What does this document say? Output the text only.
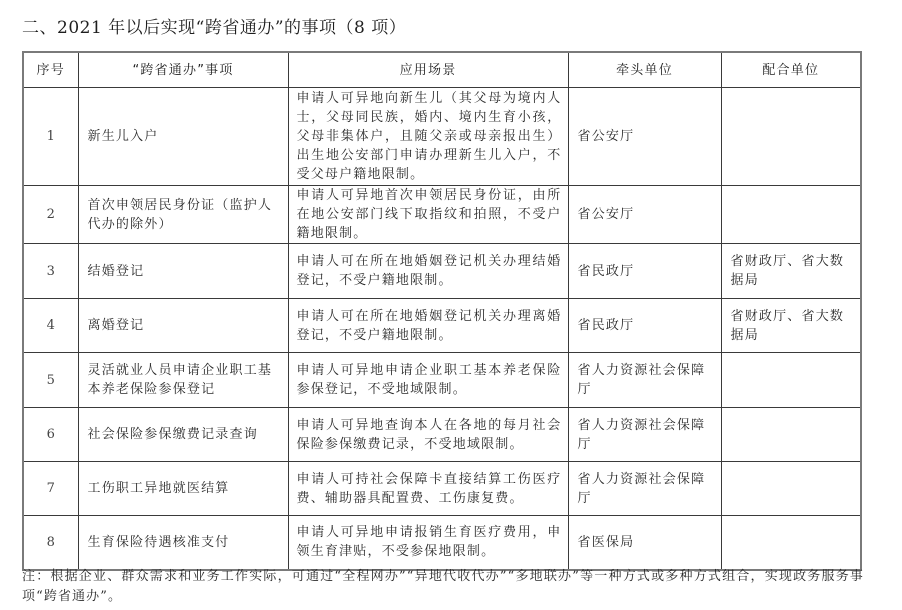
二、2021 年以后实现“跨省通办”的事项（8 项）
序号	“跨省通办”事项	应用场景	牵头单位	配合单位
1	新生儿入户	申请人可异地向新生儿（其父母为境内人士，父母同民族，婚内、境内生育小孩，父母非集体户，且随父亲或母亲报出生）出生地公安部门申请办理新生儿入户，不受父母户籍地限制。	省公安厅	
2	首次申领居民身份证（监护人代办的除外）	申请人可异地首次申领居民身份证，由所在地公安部门线下取指纹和拍照，不受户籍地限制。	省公安厅	
3	结婚登记	申请人可在所在地婚姻登记机关办理结婚登记，不受户籍地限制。	省民政厅	省财政厅、省大数据局
4	离婚登记	申请人可在所在地婚姻登记机关办理离婚登记，不受户籍地限制。	省民政厅	省财政厅、省大数据局
5	灵活就业人员申请企业职工基本养老保险参保登记	申请人可异地申请企业职工基本养老保险参保登记，不受地域限制。	省人力资源社会保障厅	
6	社会保险参保缴费记录查询	申请人可异地查询本人在各地的每月社会保险参保缴费记录，不受地域限制。	省人力资源社会保障厅	
7	工伤职工异地就医结算	申请人可持社会保障卡直接结算工伤医疗费、辅助器具配置费、工伤康复费。	省人力资源社会保障厅	
8	生育保险待遇核准支付	申请人可异地申请报销生育医疗费用，申领生育津贴，不受参保地限制。	省医保局	
注：根据企业、群众需求和业务工作实际，可通过“全程网办”“异地代收代办”“多地联办”等一种方式或多种方式组合，实现政务服务事项“跨省通办”。
